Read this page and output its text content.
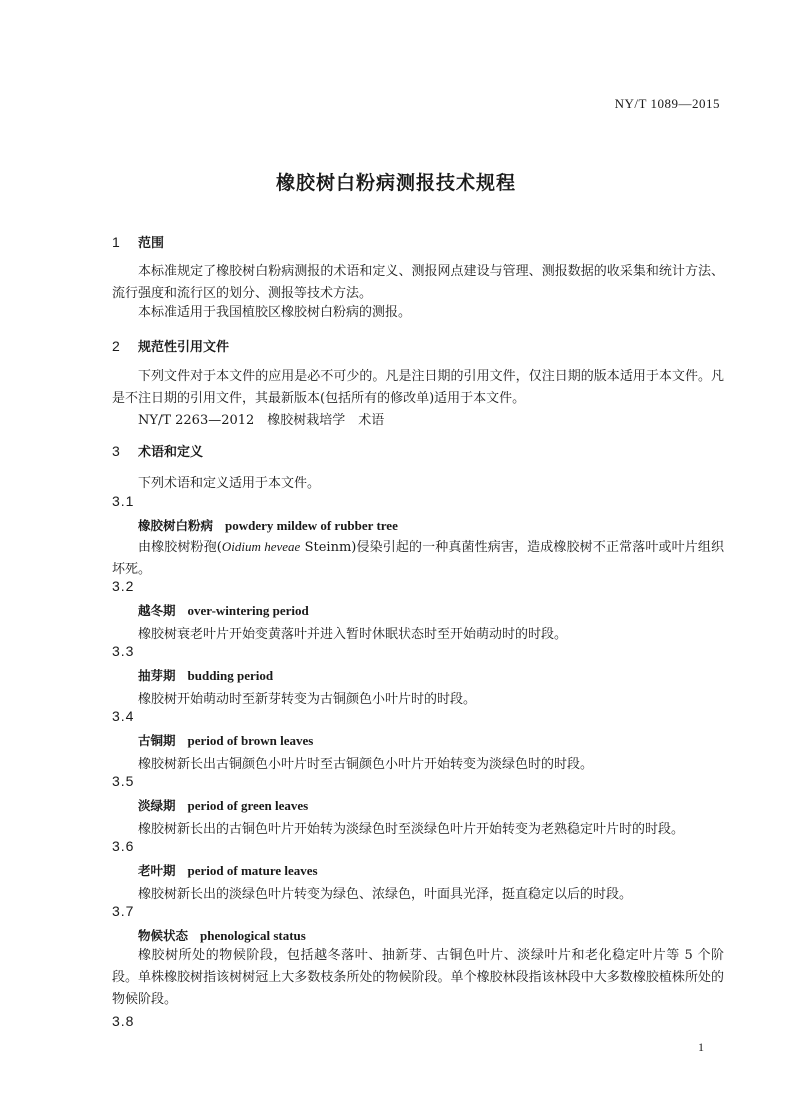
NY/T 1089—2015
橡胶树白粉病测报技术规程
1 范围
本标准规定了橡胶树白粉病测报的术语和定义、测报网点建设与管理、测报数据的收采集和统计方法、流行强度和流行区的划分、测报等技术方法。
本标准适用于我国植胶区橡胶树白粉病的测报。
2 规范性引用文件
下列文件对于本文件的应用是必不可少的。凡是注日期的引用文件，仅注日期的版本适用于本文件。凡是不注日期的引用文件，其最新版本(包括所有的修改单)适用于本文件。
NY/T 2263—2012　橡胶树栽培学　术语
3 术语和定义
下列术语和定义适用于本文件。
3.1
橡胶树白粉病 powdery mildew of rubber tree
由橡胶树粉孢(Oidium heveae Steinm)侵染引起的一种真菌性病害，造成橡胶树不正常落叶或叶片组织坏死。
3.2
越冬期 over-wintering period
橡胶树衰老叶片开始变黄落叶并进入暂时休眠状态时至开始萌动时的时段。
3.3
抽芽期 budding period
橡胶树开始萌动时至新芽转变为古铜颜色小叶片时的时段。
3.4
古铜期 period of brown leaves
橡胶树新长出古铜颜色小叶片时至古铜颜色小叶片开始转变为淡绿色时的时段。
3.5
淡绿期 period of green leaves
橡胶树新长出的古铜色叶片开始转为淡绿色时至淡绿色叶片开始转变为老熟稳定叶片时的时段。
3.6
老叶期 period of mature leaves
橡胶树新长出的淡绿色叶片转变为绿色、浓绿色，叶面具光泽，挺直稳定以后的时段。
3.7
物候状态 phenological status
橡胶树所处的物候阶段，包括越冬落叶、抽新芽、古铜色叶片、淡绿叶片和老化稳定叶片等 5 个阶段。单株橡胶树指该树树冠上大多数枝条所处的物候阶段。单个橡胶林段指该林段中大多数橡胶植株所处的物候阶段。
3.8
1
